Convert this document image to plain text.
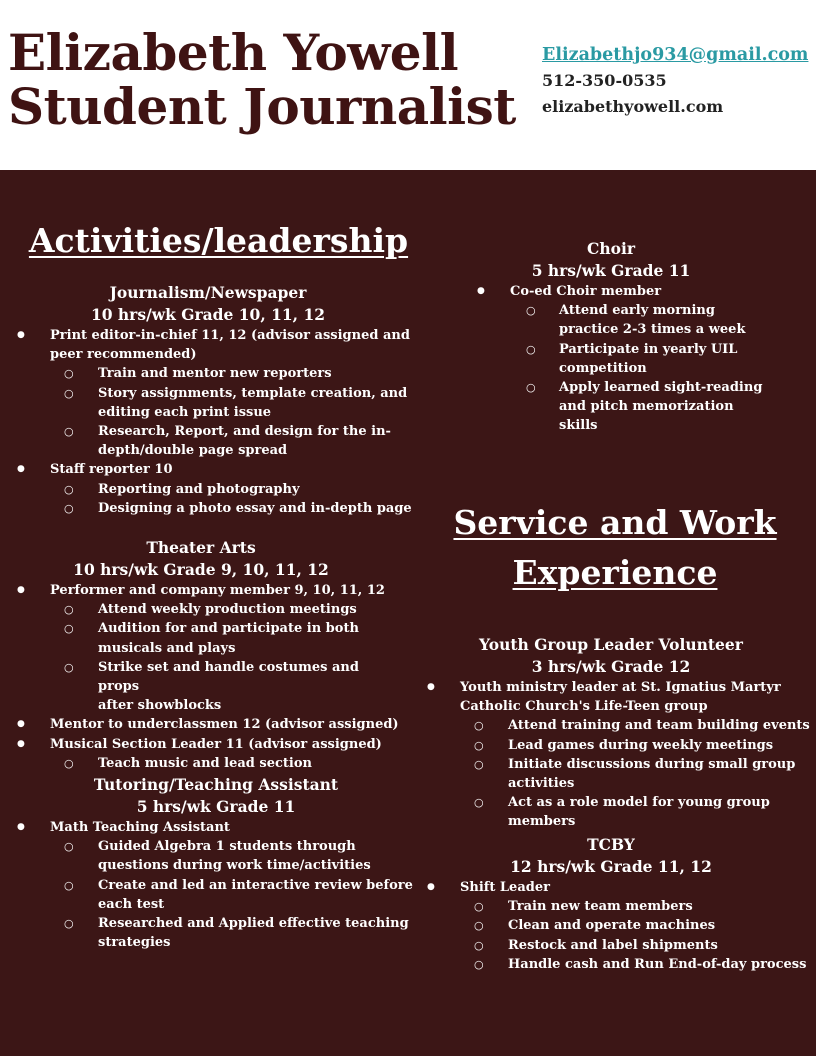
Elizabeth Yowell
Student Journalist
Elizabethjo934@gmail.com
512-350-0535
elizabethyowell.com
Activities/leadership
Journalism/Newspaper
10 hrs/wk Grade 10, 11, 12
● Print editor-in-chief 11, 12 (advisor assigned and
peer recommended)
○ Train and mentor new reporters
○ Story assignments, template creation, and
editing each print issue
○ Research, Report, and design for the in-
depth/double page spread
● Staff reporter 10
○ Reporting and photography
○ Designing a photo essay and in-depth page
Theater Arts
10 hrs/wk Grade 9, 10, 11, 12
● Performer and company member 9, 10, 11, 12
○ Attend weekly production meetings
○ Audition for and participate in both
musicals and plays
○ Strike set and handle costumes and props
after showblocks
● Mentor to underclassmen 12 (advisor assigned)
● Musical Section Leader 11 (advisor assigned)
○ Teach music and lead section
Tutoring/Teaching Assistant
5 hrs/wk Grade 11
● Math Teaching Assistant
○ Guided Algebra 1 students through
questions during work time/activities
○ Create and led an interactive review before
each test
○ Researched and Applied effective teaching
strategies
Choir
5 hrs/wk Grade 11
● Co-ed Choir member
○ Attend early morning
practice 2-3 times a week
○ Participate in yearly UIL
competition
○ Apply learned sight-reading
and pitch memorization
skills
Service and Work
Experience
Youth Group Leader Volunteer
3 hrs/wk Grade 12
● Youth ministry leader at St. Ignatius Martyr
Catholic Church's Life-Teen group
○ Attend training and team building events
○ Lead games during weekly meetings
○ Initiate discussions during small group
activities
○ Act as a role model for young group
members
TCBY
12 hrs/wk Grade 11, 12
● Shift Leader
○ Train new team members
○ Clean and operate machines
○ Restock and label shipments
○ Handle cash and Run End-of-day process
